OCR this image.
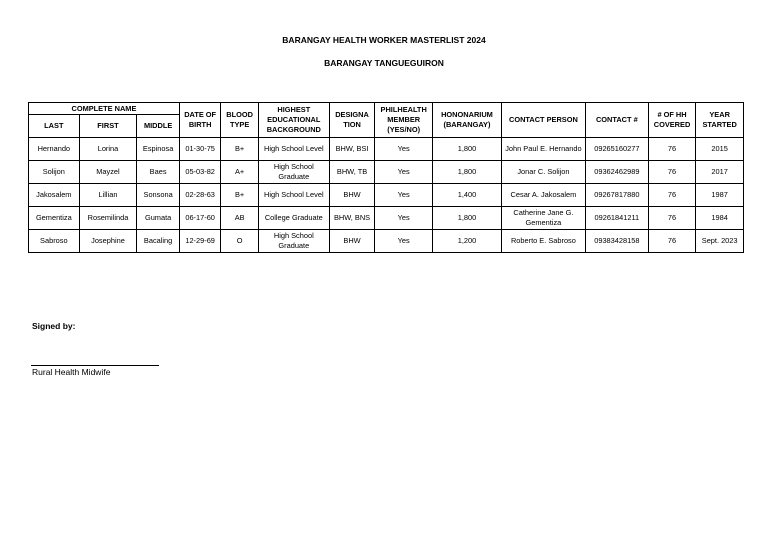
BARANGAY HEALTH WORKER MASTERLIST 2024
BARANGAY TANGUEGUIRON
COMPLETE NAME			DATE OF BIRTH	BLOOD TYPE	HIGHEST EDUCATIONAL BACKGROUND	DESIGNA TION	PHILHEALTH MEMBER (YES/NO)	HONONARIUM (BARANGAY)	CONTACT PERSON	CONTACT #	# OF HH COVERED	YEAR STARTED
LAST	FIRST	MIDDLE										
Hernando	Lorina	Espinosa	01-30-75	B+	High School Level	BHW, BSI	Yes	1,800	John Paul E. Hernando	09265160277	76	2015
Solijon	Mayzel	Baes	05-03-82	A+	High School Graduate	BHW, TB	Yes	1,800	Jonar C. Solijon	09362462989	76	2017
Jakosalem	Lillian	Sonsona	02-28-63	B+	High School Level	BHW	Yes	1,400	Cesar A. Jakosalem	09267817880	76	1987
Gementiza	Rosemilinda	Gumata	06-17-60	AB	College Graduate	BHW, BNS	Yes	1,800	Catherine Jane G. Gementiza	09261841211	76	1984
Sabroso	Josephine	Bacaling	12-29-69	O	High School Graduate	BHW	Yes	1,200	Roberto E. Sabroso	09383428158	76	Sept. 2023
Signed by:
Rural Health Midwife
